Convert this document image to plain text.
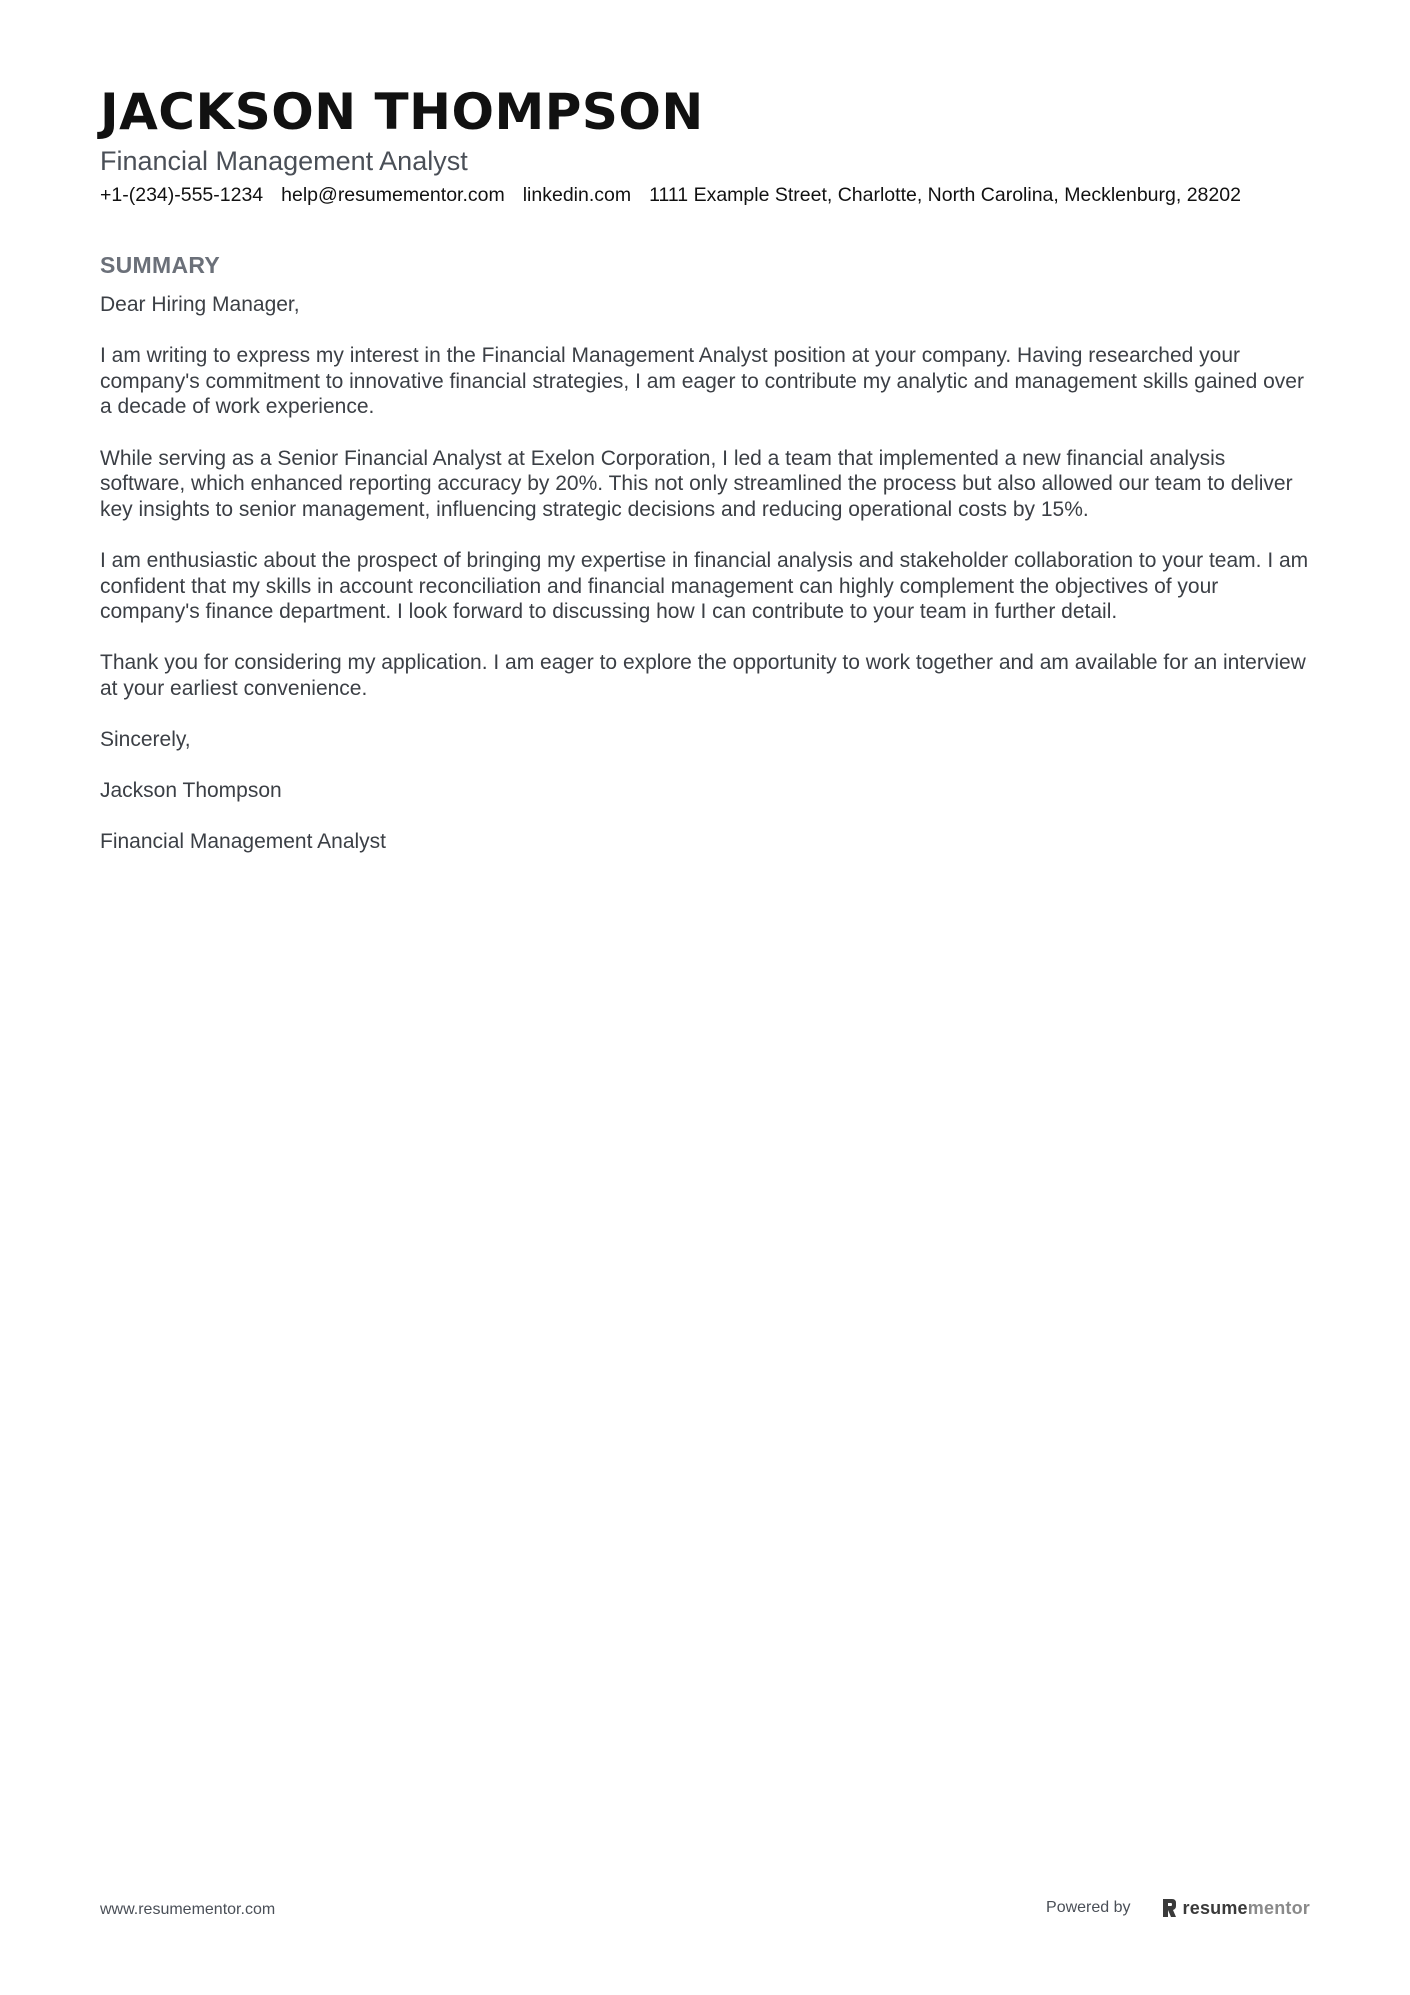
JACKSON THOMPSON
Financial Management Analyst
+1-(234)-555-1234 help@resumementor.com linkedin.com 1111 Example Street, Charlotte, North Carolina, Mecklenburg, 28202
SUMMARY

Dear Hiring Manager,

I am writing to express my interest in the Financial Management Analyst position at your company. Having researched your company's commitment to innovative financial strategies, I am eager to contribute my analytic and management skills gained over a decade of work experience.

While serving as a Senior Financial Analyst at Exelon Corporation, I led a team that implemented a new financial analysis software, which enhanced reporting accuracy by 20%. This not only streamlined the process but also allowed our team to deliver key insights to senior management, influencing strategic decisions and reducing operational costs by 15%.

I am enthusiastic about the prospect of bringing my expertise in financial analysis and stakeholder collaboration to your team. I am confident that my skills in account reconciliation and financial management can highly complement the objectives of your company's finance department. I look forward to discussing how I can contribute to your team in further detail.

Thank you for considering my application. I am eager to explore the opportunity to work together and am available for an interview at your earliest convenience.

Sincerely,

Jackson Thompson

Financial Management Analyst

www.resumementor.com	Powered by	resumementor
